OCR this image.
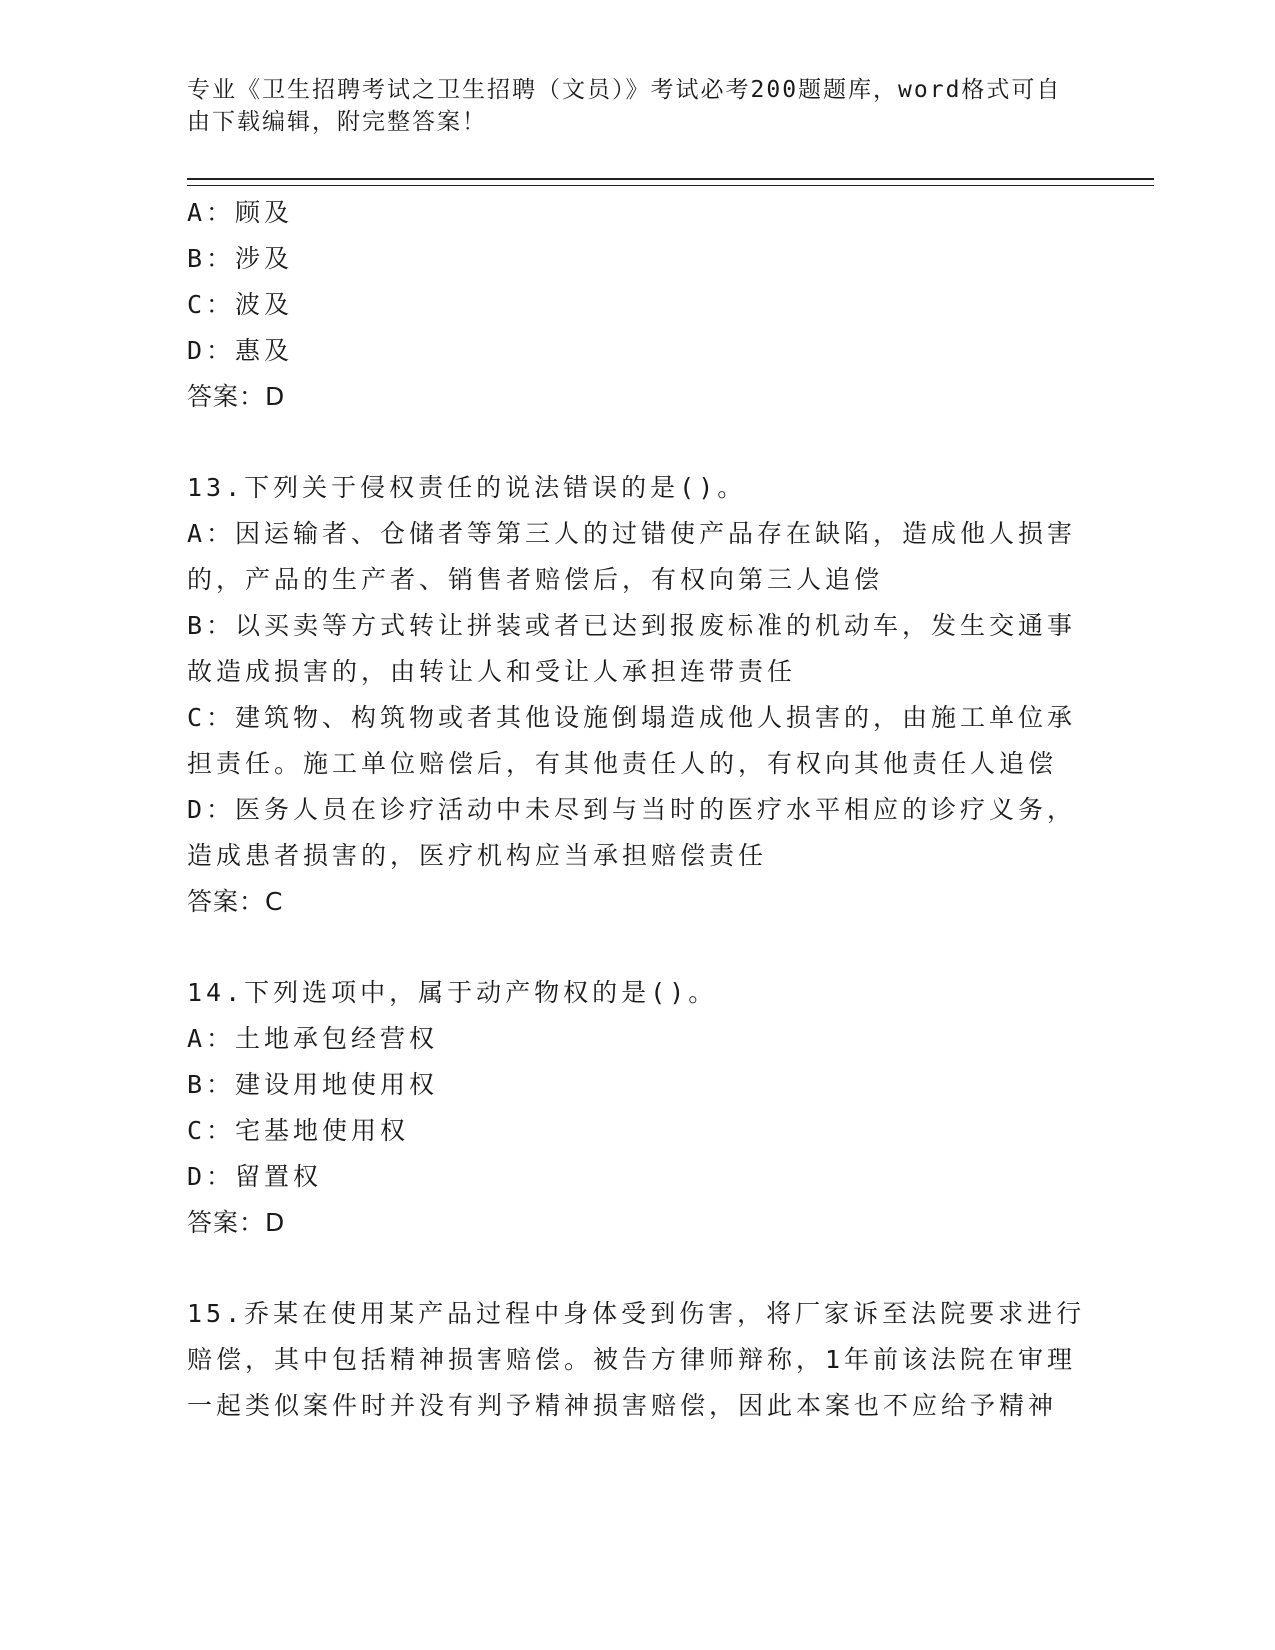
专业《卫生招聘考试之卫生招聘（文员）》考试必考200题题库，word格式可自
由下载编辑，附完整答案！
A：顾及
B：涉及
C：波及
D：惠及
答案：D
13.下列关于侵权责任的说法错误的是()。
A：因运输者、仓储者等第三人的过错使产品存在缺陷，造成他人损害
的，产品的生产者、销售者赔偿后，有权向第三人追偿
B：以买卖等方式转让拼装或者已达到报废标准的机动车，发生交通事
故造成损害的，由转让人和受让人承担连带责任
C：建筑物、构筑物或者其他设施倒塌造成他人损害的，由施工单位承
担责任。施工单位赔偿后，有其他责任人的，有权向其他责任人追偿
D：医务人员在诊疗活动中未尽到与当时的医疗水平相应的诊疗义务，
造成患者损害的，医疗机构应当承担赔偿责任
答案：C
14.下列选项中，属于动产物权的是()。
A：土地承包经营权
B：建设用地使用权
C：宅基地使用权
D：留置权
答案：D
15.乔某在使用某产品过程中身体受到伤害，将厂家诉至法院要求进行
赔偿，其中包括精神损害赔偿。被告方律师辩称，1年前该法院在审理
一起类似案件时并没有判予精神损害赔偿，因此本案也不应给予精神
